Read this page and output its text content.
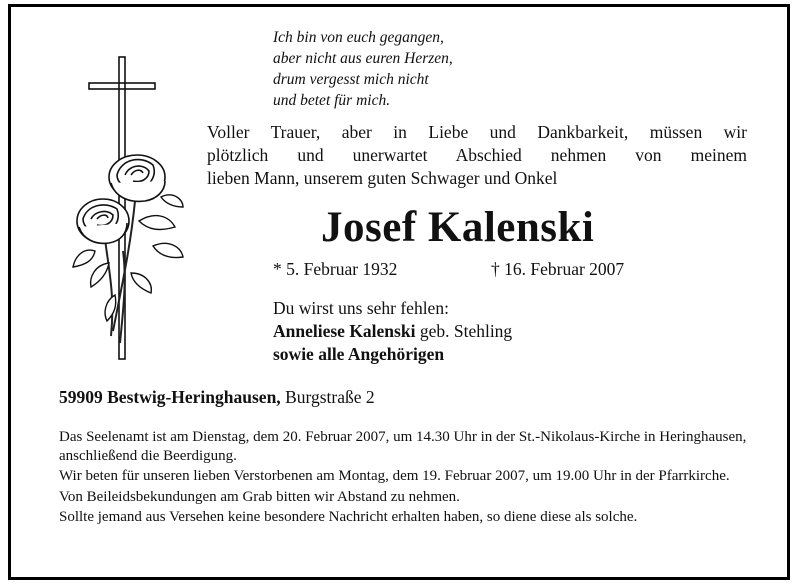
Ich bin von euch gegangen,
aber nicht aus euren Herzen,
drum vergesst mich nicht
und betet für mich.
Voller Trauer, aber in Liebe und Dankbarkeit, müssen wir
plötzlich und unerwartet Abschied nehmen von meinem
lieben Mann, unserem guten Schwager und Onkel
Josef Kalenski
* 5. Februar 1932	† 16. Februar 2007
Du wirst uns sehr fehlen:
Anneliese Kalenski geb. Stehling
sowie alle Angehörigen
59909 Bestwig-Heringhausen, Burgstraße 2

Das Seelenamt ist am Dienstag, dem 20. Februar 2007, um 14.30 Uhr in der St.-Nikolaus-Kirche in Heringhausen, anschließend die Beerdigung.

Wir beten für unseren lieben Verstorbenen am Montag, dem 19. Februar 2007, um 19.00 Uhr in der Pfarrkirche.

Von Beileidsbekundungen am Grab bitten wir Abstand zu nehmen.

Sollte jemand aus Versehen keine besondere Nachricht erhalten haben, so diene diese als solche.
